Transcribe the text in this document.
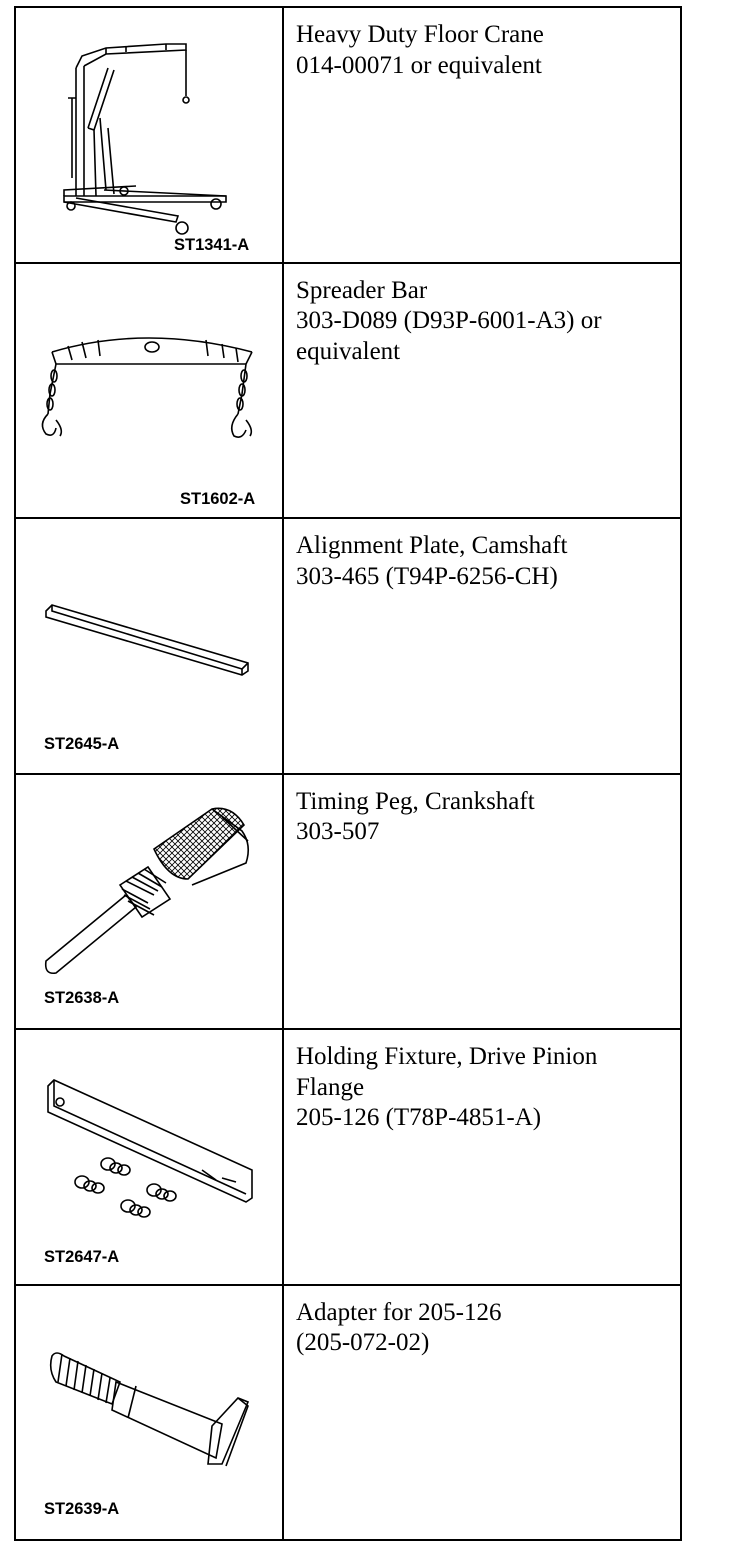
ST1341-A	Heavy Duty Floor Crane
014-00071 or equivalent

ST1602-A	Spreader Bar
303-D089 (D93P-6001-A3) or
equivalent

ST2645-A	Alignment Plate, Camshaft
303-465 (T94P-6256-CH)

ST2638-A	Timing Peg, Crankshaft
303-507

ST2647-A	Holding Fixture, Drive Pinion
Flange
205-126 (T78P-4851-A)

ST2639-A	Adapter for 205-126
(205-072-02)
